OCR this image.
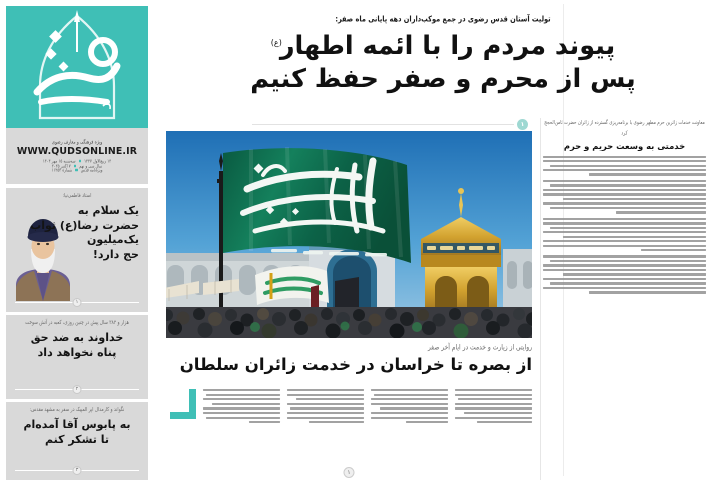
ویژه فرهنگی و معارف رضوی
WWW.QUDSONLINE.IR
۱۴ ربیع‌الاول ۱۴۴۷
سه‌شنبه ۱۵ مهر ۱۴۰۴
سال سی و نهم
۷ اکتبر ۲۰۲۵
ویژه‌نامه قدس
شماره ۱۱۲۵۴
استاد فاطمی‌نیا:
یک سلام به
حضرت رضا(ع) ثواب
یک‌میلیون
حج دارد!
۱
هزار و ۳۸۲ سال پیش در چنین روزی، کعبه در آتش سوخت
خداوند به ضد حق
پناه نخواهد داد
۲
نگواند و کارمدال اپر المپیک در سفر به مشهد مقدس:
به پابوس آقا آمده‌ام
تا تشکر کنم
۳
تولیت آستان قدس رضوی در جمع موکب‌داران دهه پایانی ماه صفر:
پیوند مردم را با ائمه اطهار$^{(ع)}$
پس از محرم و صفر حفظ کنیم
معاونت خدمات زائرین حرم مطهر رضوی با برنامه‌ریزی گسترده از زائران حضرت ثامن‌الحجج کرد
خدمتی به وسعت حریم و حرم
۱
روایتی از زیارت و خدمت در ایام آخر صفر
از بصره تا خراسان در خدمت زائران سلطان
۱
